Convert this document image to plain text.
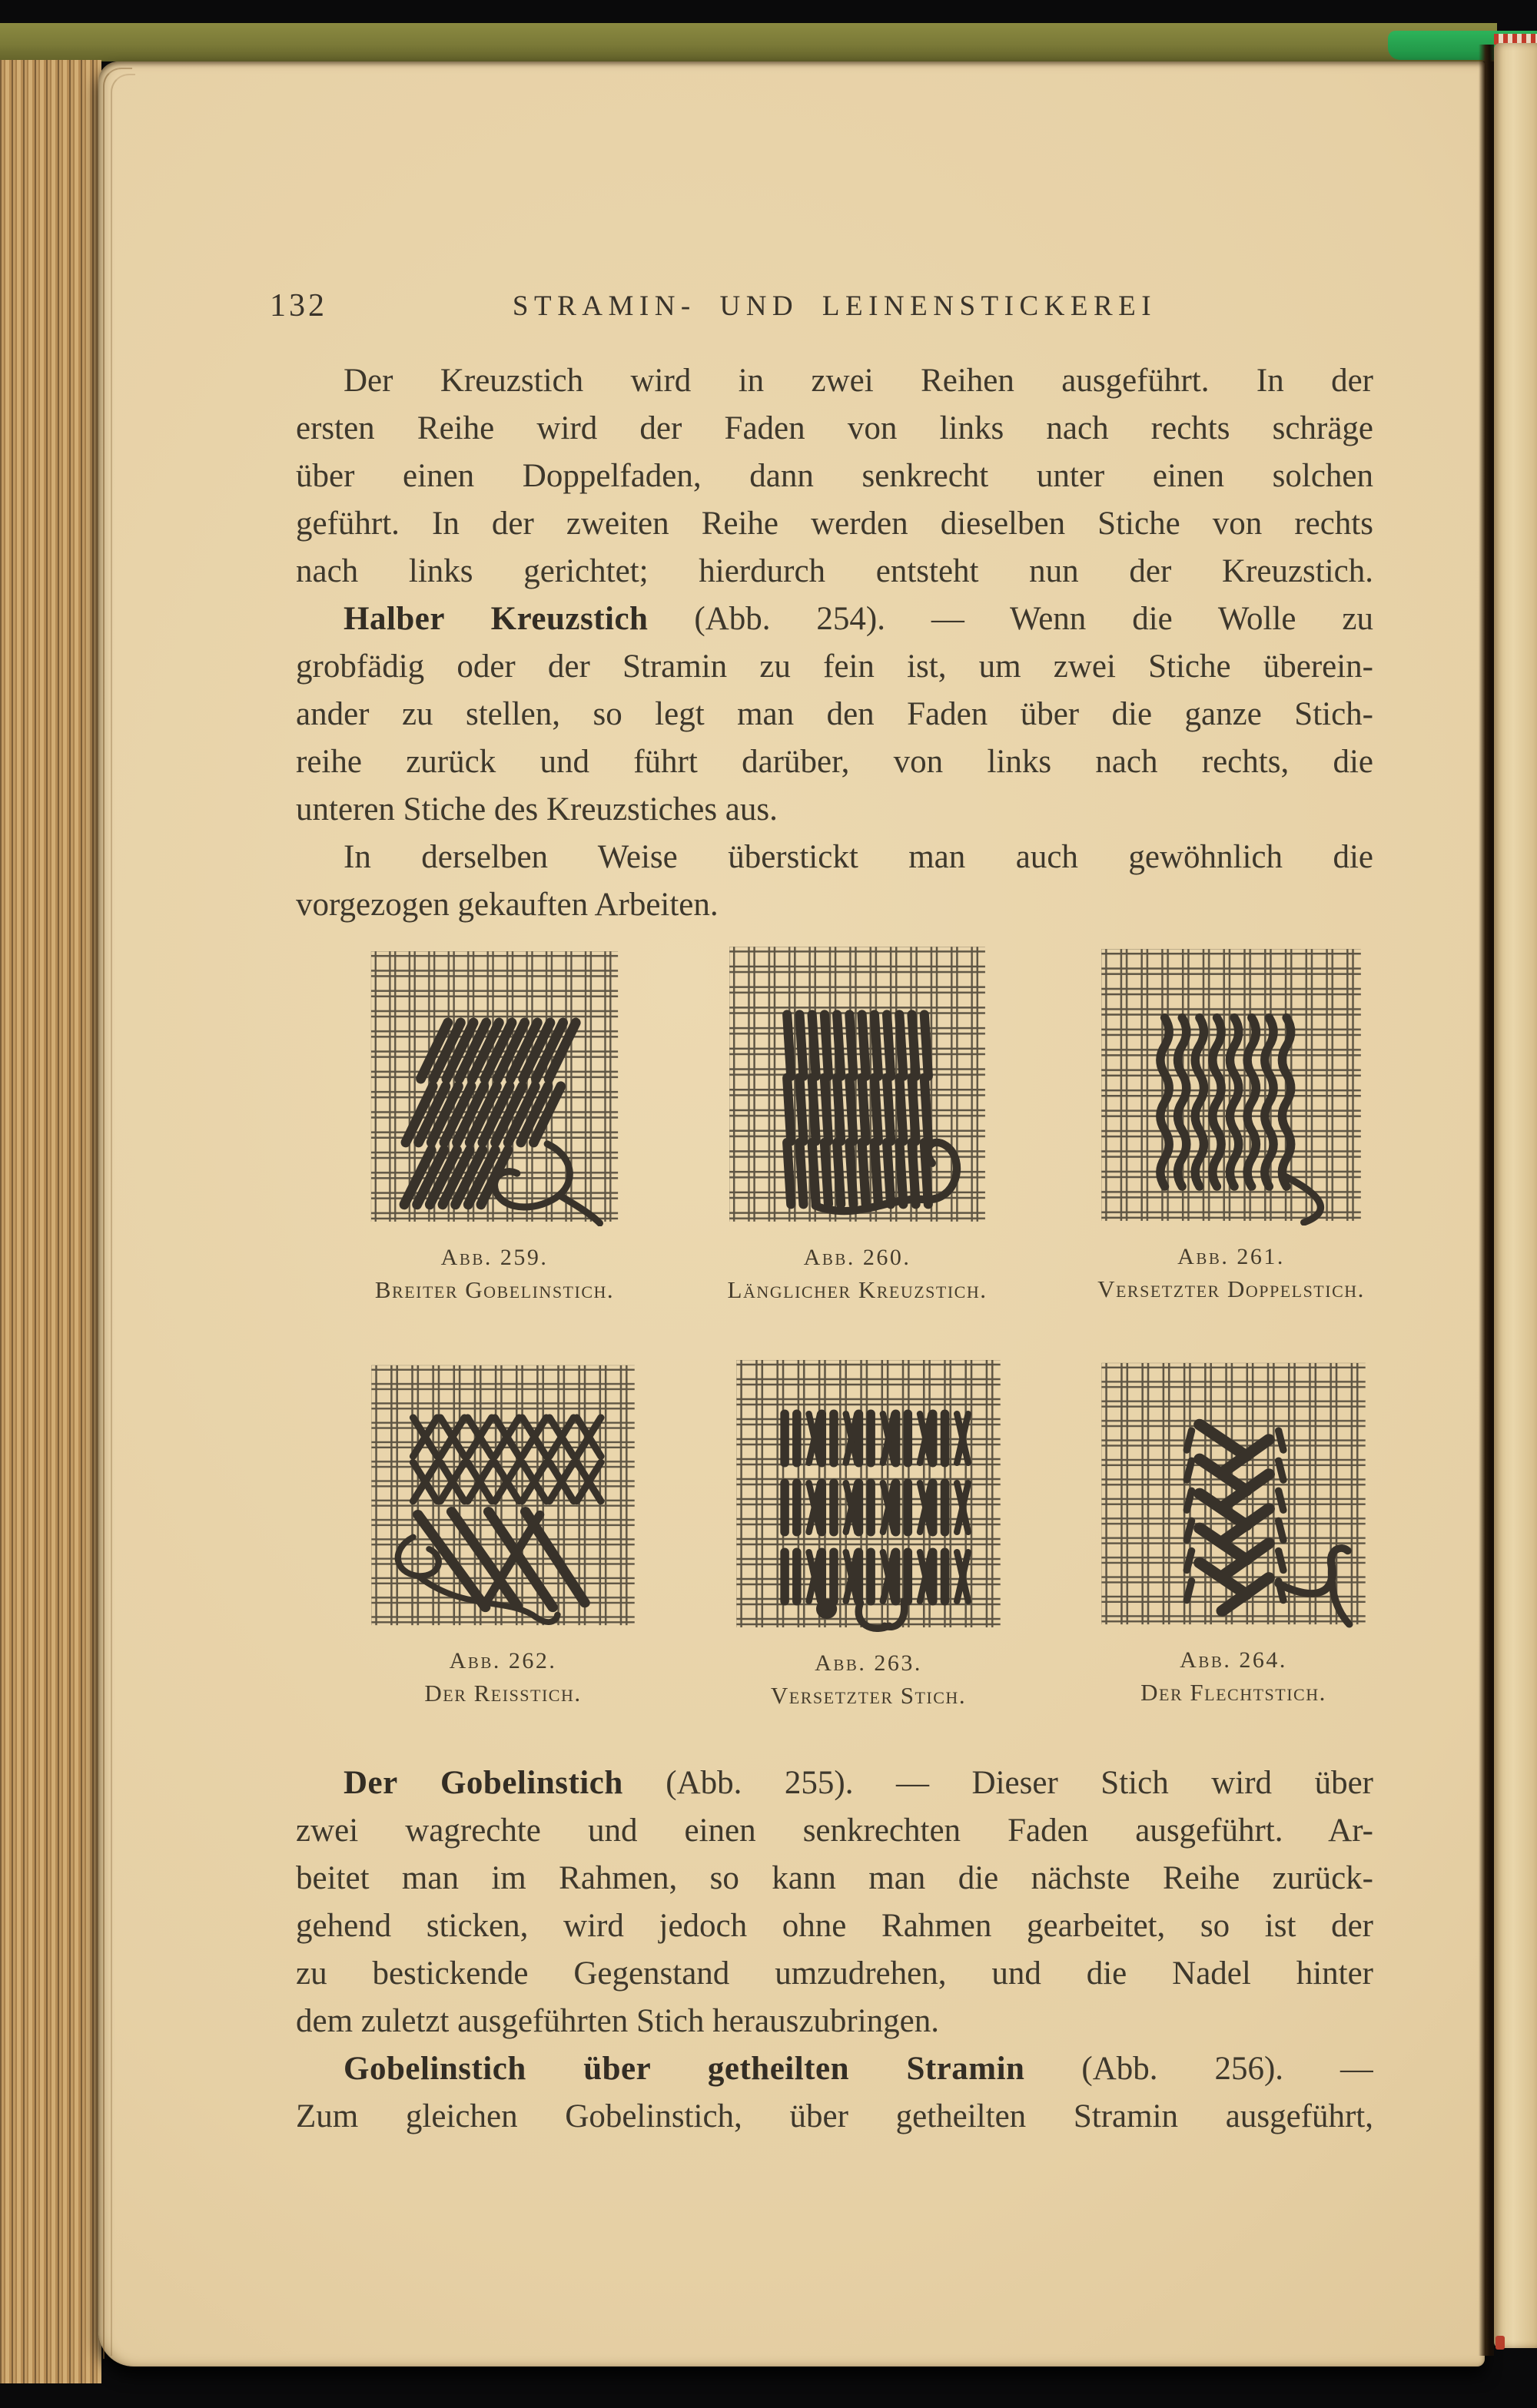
132	STRAMIN- UND LEINENSTICKEREI
Der Kreuzstich wird in zwei Reihen ausgeführt. In der
ersten Reihe wird der Faden von links nach rechts schräge
über einen Doppelfaden, dann senkrecht unter einen solchen
geführt. In der zweiten Reihe werden dieselben Stiche von rechts
nach links gerichtet; hierdurch entsteht nun der Kreuzstich.
Halber Kreuzstich (Abb. 254). — Wenn die Wolle zu
grobfädig oder der Stramin zu fein ist, um zwei Stiche überein-
ander zu stellen, so legt man den Faden über die ganze Stich-
reihe zurück und führt darüber, von links nach rechts, die
unteren Stiche des Kreuzstiches aus.
In derselben Weise überstickt man auch gewöhnlich die
vorgezogen gekauften Arbeiten.
Abb. 259.
Breiter Gobelinstich.
Abb. 260.
Länglicher Kreuzstich.
Abb. 261.
Versetzter Doppelstich.
Abb. 262.
Der Reisstich.
Abb. 263.
Versetzter Stich.
Abb. 264.
Der Flechtstich.
Der Gobelinstich (Abb. 255). — Dieser Stich wird über
zwei wagrechte und einen senkrechten Faden ausgeführt. Ar-
beitet man im Rahmen, so kann man die nächste Reihe zurück-
gehend sticken, wird jedoch ohne Rahmen gearbeitet, so ist der
zu bestickende Gegenstand umzudrehen, und die Nadel hinter
dem zuletzt ausgeführten Stich herauszubringen.
Gobelinstich über getheilten Stramin (Abb. 256). —
Zum gleichen Gobelinstich, über getheilten Stramin ausgeführt,
